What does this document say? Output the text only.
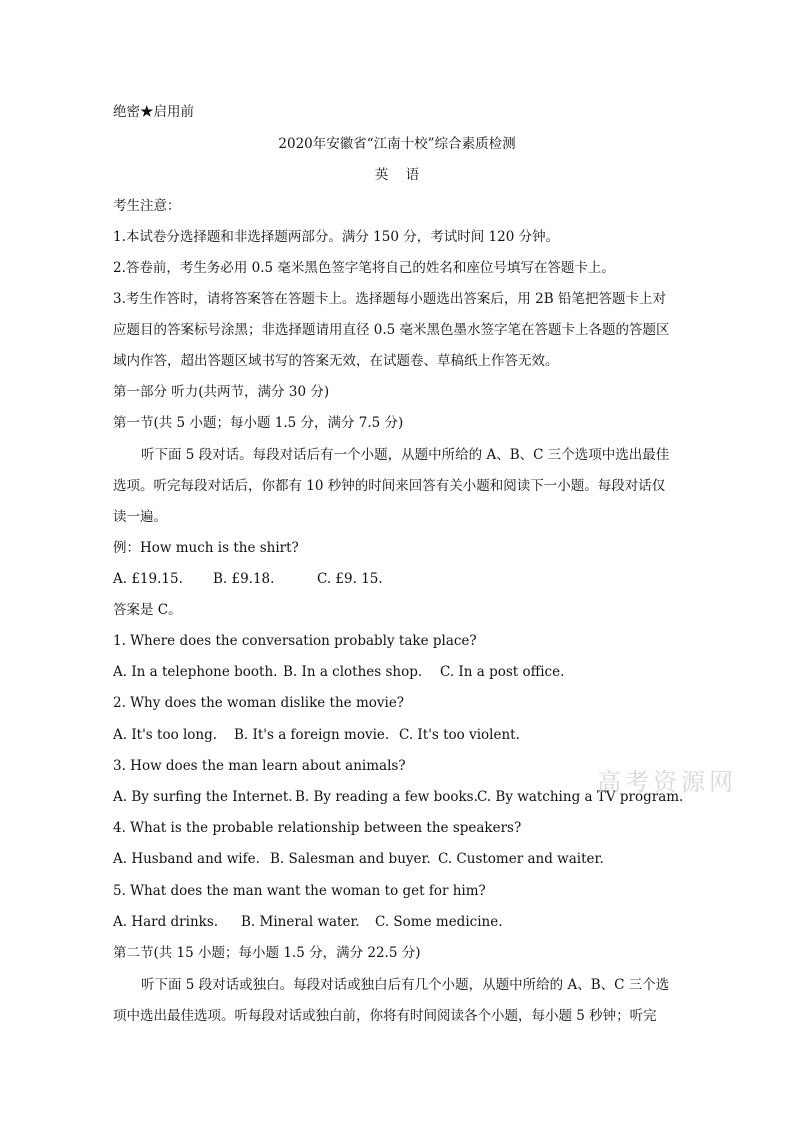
绝密★启用前
2020年安徽省“江南十校”综合素质检测
英    语
考生注意：
1.本试卷分选择题和非选择题两部分。满分 150 分，考试时间 120 分钟。
2.答卷前，考生务必用 0.5 毫米黑色签字笔将自己的姓名和座位号填写在答题卡上。
3.考生作答时，请将答案答在答题卡上。选择题每小题选出答案后，用 2B 铅笔把答题卡上对
应题目的答案标号涂黑；非选择题请用直径 0.5 毫米黑色墨水签字笔在答题卡上各题的答题区
域内作答，超出答题区域书写的答案无效，在试题卷、草稿纸上作答无效。
第一部分 听力(共两节，满分 30 分)
第一节(共 5 小题；每小题 1.5 分，满分 7.5 分)
听下面 5 段对话。每段对话后有一个小题，从题中所给的 A、B、C 三个选项中选出最佳
选项。听完每段对话后，你都有 10 秒钟的时间来回答有关小题和阅读下一小题。每段对话仅
读一遍。
例：How much is the shirt?
A. £19.15. B. £9.18.	C. £9. 15.
答案是 C。
1. Where does the conversation probably take place?
A. In a telephone booth. B. In a clothes shop. C. In a post office.
2. Why does the woman dislike the movie?
A. It's too long. B. It's a foreign movie. C. It's too violent.
3. How does the man learn about animals?
A. By surfing the Internet. B. By reading a few books.C. By watching a TV program.
4. What is the probable relationship between the speakers?
A. Husband and wife. B. Salesman and buyer. C. Customer and waiter.
5. What does the man want the woman to get for him?
A. Hard drinks. B. Mineral water. C. Some medicine.
第二节(共 15 小题；每小题 1.5 分，满分 22.5 分)
听下面 5 段对话或独白。每段对话或独白后有几个小题，从题中所给的 A、B、C 三个选
项中选出最佳选项。听每段对话或独白前，你将有时间阅读各个小题，每小题 5 秒钟；听完
高考资源网
